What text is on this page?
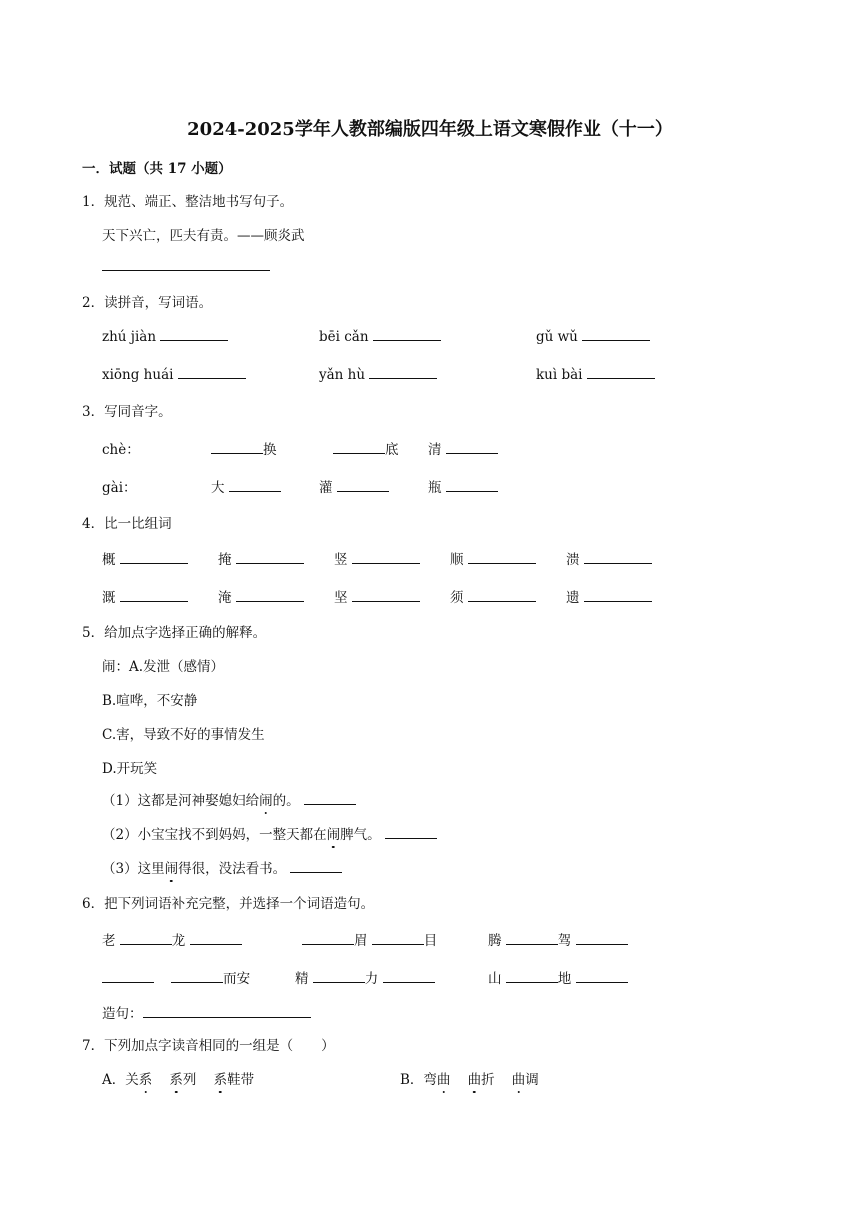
2024-2025学年人教部编版四年级上语文寒假作业（十一）
一．试题（共 17 小题）
1．规范、端正、整洁地书写句子。
天下兴亡，匹夫有责。——顾炎武
2．读拼音，写词语。
zhú jiàn	bēi cǎn	gǔ wǔ
xiōng huái	yǎn hù	kuì bài
3．写同音字。
chè：	换	底 清
gài：	大	灌	瓶
4．比一比组词
概	掩	竖	顺	溃
溉	淹	坚	须	遗
5．给加点字选择正确的解释。
闹：A.发泄（感情）
B.喧哗，不安静
C.害，导致不好的事情发生
D.开玩笑
（1）这都是河神娶媳妇给闹的。
（2）小宝宝找不到妈妈，一整天都在闹脾气。
（3）这里闹得很，没法看书。
6．把下列词语补充完整，并选择一个词语造句。
老	龙	眉	目	腾	驾
而安	精	力	山	地
造句：
7．下列加点字读音相同的一组是（ ）
A．关系 系列 系鞋带	B．弯曲 曲折 曲调
